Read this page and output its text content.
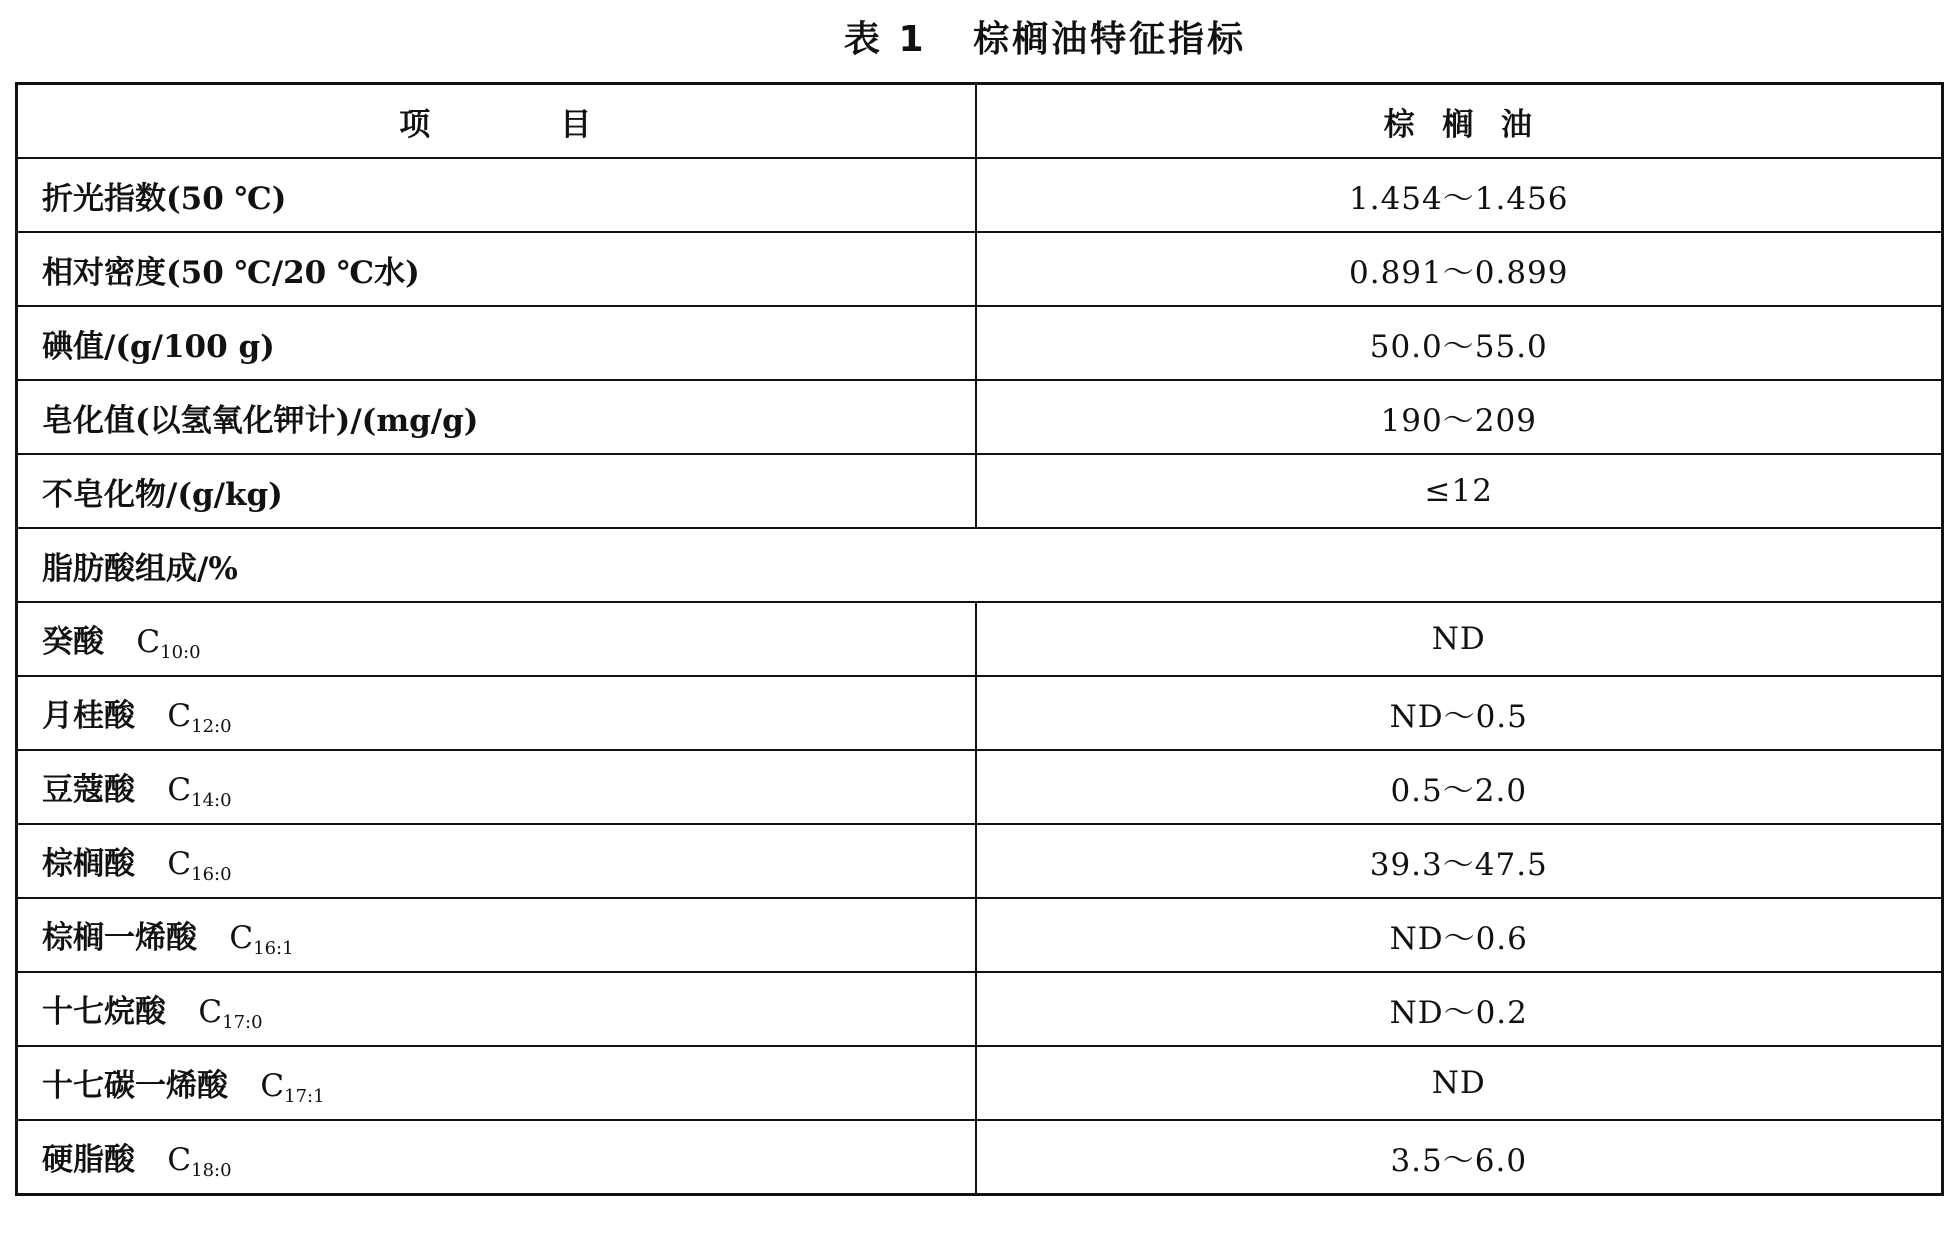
表 1   棕榈油特征指标
项          目	棕  榈  油
折光指数(50 ℃)	1.454～1.456
相对密度(50 ℃/20 ℃水)	0.891～0.899
碘值/(g/100 g)	50.0～55.0
皂化值(以氢氧化钾计)/(mg/g)	190～209
不皂化物/(g/kg)	≤12
脂肪酸组成/%	
癸酸 $C_{10:0}$	ND
月桂酸 $C_{12:0}$	ND～0.5
豆蔻酸 $C_{14:0}$	0.5～2.0
棕榈酸 $C_{16:0}$	39.3～47.5
棕榈一烯酸 $C_{16:1}$	ND～0.6
十七烷酸 $C_{17:0}$	ND～0.2
十七碳一烯酸 $C_{17:1}$	ND
硬脂酸 $C_{18:0}$	3.5～6.0
